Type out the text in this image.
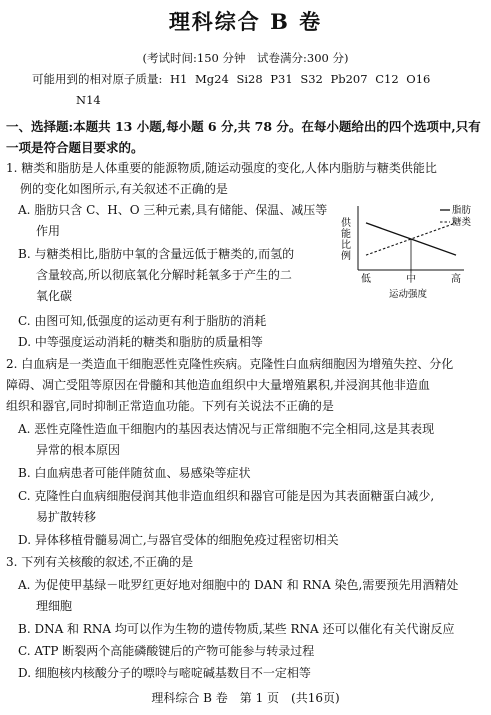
理科综合 B 卷
(考试时间:150 分钟　试卷满分:300 分)
可能用到的相对原子质量: H1 Mg24 Si28 P31 S32 Pb207 C12 O16
N14
一、选择题:本题共 13 小题,每小题 6 分,共 78 分。在每小题给出的四个选项中,只有一项是符合题目要求的。
1. 糖类和脂肪是人体重要的能源物质,随运动强度的变化,人体内脂肪与糖类供能比
例的变化如图所示,有关叙述不正确的是
A. 脂肪只含 C、H、O 三种元素,具有储能、保温、减压等
作用
B. 与糖类相比,脂肪中氧的含量远低于糖类的,而氢的
含量较高,所以彻底氧化分解时耗氧多于产生的二
氧化碳
C. 由图可知,低强度的运动更有利于脂肪的消耗
D. 中等强度运动消耗的糖类和脂肪的质量相等
供
能
比
例
低	中	高
运动强度
脂肪
糖类
2. 白血病是一类造血干细胞恶性克隆性疾病。克隆性白血病细胞因为增殖失控、分化
障碍、凋亡受阻等原因在骨髓和其他造血组织中大量增殖累积,并浸润其他非造血
组织和器官,同时抑制正常造血功能。下列有关说法不正确的是
A. 恶性克隆性造血干细胞内的基因表达情况与正常细胞不完全相同,这是其表现
异常的根本原因
B. 白血病患者可能伴随贫血、易感染等症状
C. 克隆性白血病细胞侵润其他非造血组织和器官可能是因为其表面糖蛋白减少,
易扩散转移
D. 异体移植骨髓易凋亡,与器官受体的细胞免疫过程密切相关
3. 下列有关核酸的叙述,不正确的是
A. 为促使甲基绿－吡罗红更好地对细胞中的 DAN 和 RNA 染色,需要预先用酒精处
理细胞
B. DNA 和 RNA 均可以作为生物的遗传物质,某些 RNA 还可以催化有关代谢反应
C. ATP 断裂两个高能磷酸键后的产物可能参与转录过程
D. 细胞核内核酸分子的嘌呤与嘧啶碱基数目不一定相等
理科综合 B 卷　第 1 页　(共16页)
